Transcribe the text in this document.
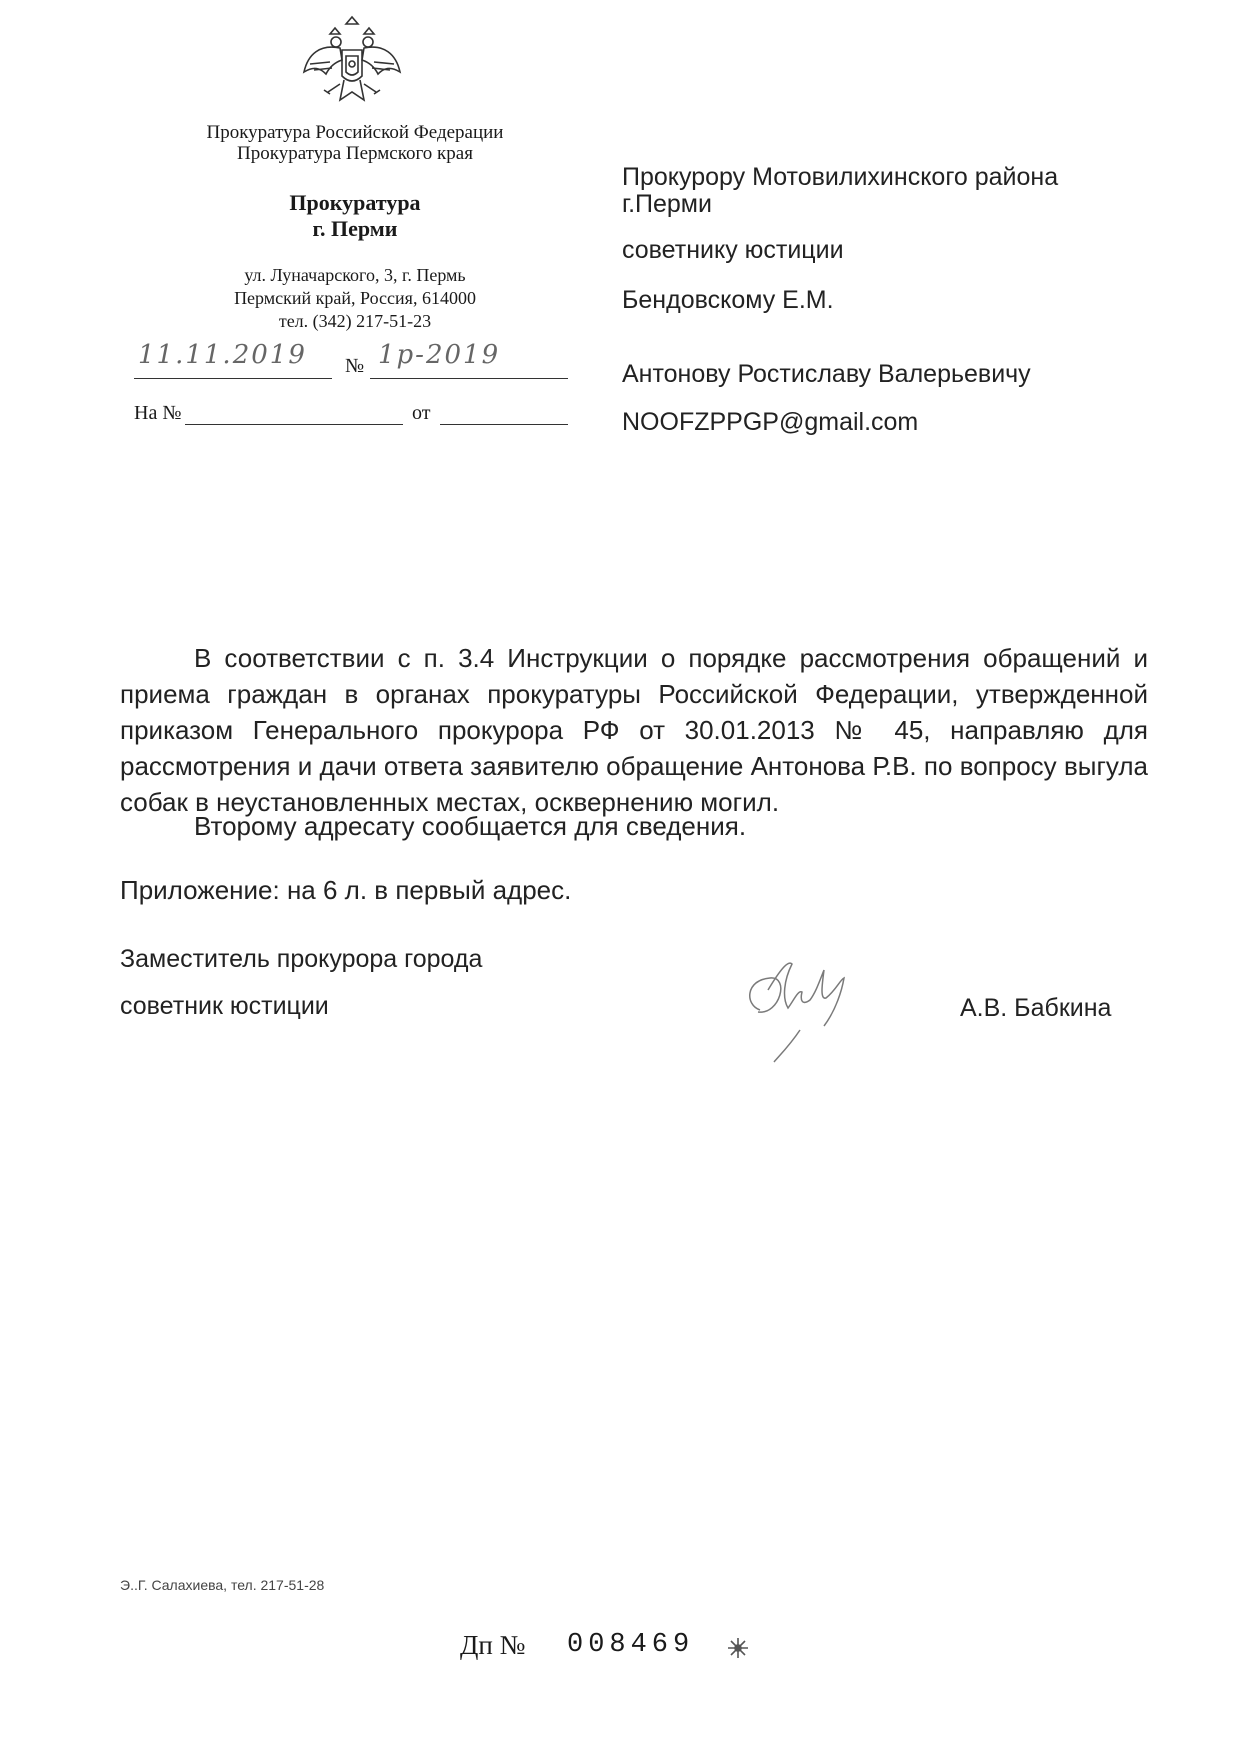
Прокуратура Российской Федерации
Прокуратура Пермского края
Прокуратура
г. Перми
ул. Луначарского, 3, г. Пермь
Пермский край, Россия, 614000
тел. (342) 217-51-23
11.11.2019 № 1р-2019
На №	от
Прокурору Мотовилихинского района
г.Перми
советнику юстиции
Бендовскому Е.М.
Антонову Ростиславу Валерьевичу
NOOFZPPGP@gmail.com
В соответствии с п. 3.4 Инструкции о порядке рассмотрения обращений и приема граждан в органах прокуратуры Российской Федерации, утвержденной приказом Генерального прокурора РФ от 30.01.2013 № 45, направляю для рассмотрения и дачи ответа заявителю обращение Антонова Р.В. по вопросу выгула собак в неустановленных местах, осквернению могил.
Второму адресату сообщается для сведения.
Приложение: на 6 л. в первый адрес.
Заместитель прокурора города
советник юстиции	А.В. Бабкина
Э..Г. Салахиева, тел. 217-51-28
Дп № 008469
